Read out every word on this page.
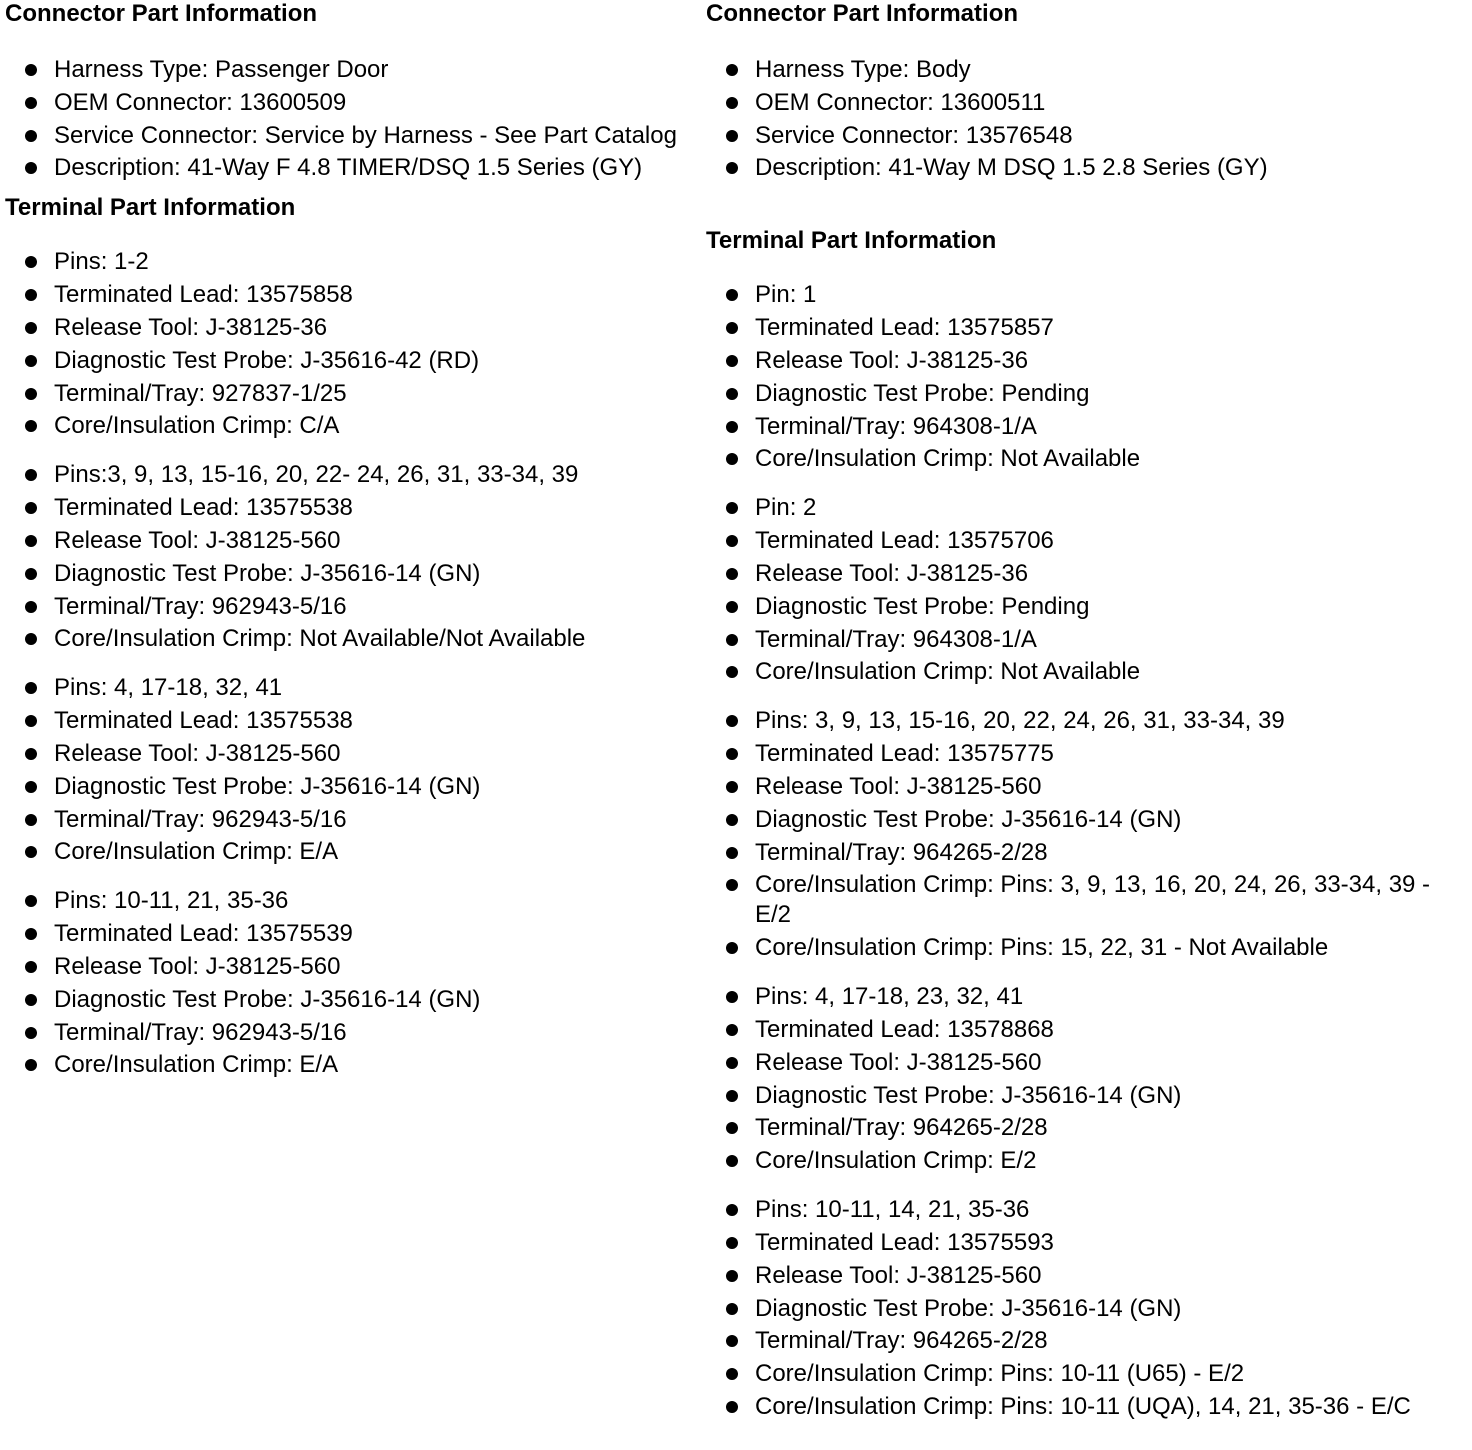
Connector Part Information
Harness Type: Passenger Door
OEM Connector: 13600509
Service Connector: Service by Harness - See Part Catalog
Description: 41-Way F 4.8 TIMER/DSQ 1.5 Series (GY)
Terminal Part Information
Pins: 1-2
Terminated Lead: 13575858
Release Tool: J-38125-36
Diagnostic Test Probe: J-35616-42 (RD)
Terminal/Tray: 927837-1/25
Core/Insulation Crimp: C/A
Pins:3, 9, 13, 15-16, 20, 22- 24, 26, 31, 33-34, 39
Terminated Lead: 13575538
Release Tool: J-38125-560
Diagnostic Test Probe: J-35616-14 (GN)
Terminal/Tray: 962943-5/16
Core/Insulation Crimp: Not Available/Not Available
Pins: 4, 17-18, 32, 41
Terminated Lead: 13575538
Release Tool: J-38125-560
Diagnostic Test Probe: J-35616-14 (GN)
Terminal/Tray: 962943-5/16
Core/Insulation Crimp: E/A
Pins: 10-11, 21, 35-36
Terminated Lead: 13575539
Release Tool: J-38125-560
Diagnostic Test Probe: J-35616-14 (GN)
Terminal/Tray: 962943-5/16
Core/Insulation Crimp: E/A
Connector Part Information
Harness Type: Body
OEM Connector: 13600511
Service Connector: 13576548
Description: 41-Way M DSQ 1.5 2.8 Series (GY)
Terminal Part Information
Pin: 1
Terminated Lead: 13575857
Release Tool: J-38125-36
Diagnostic Test Probe: Pending
Terminal/Tray: 964308-1/A
Core/Insulation Crimp: Not Available
Pin: 2
Terminated Lead: 13575706
Release Tool: J-38125-36
Diagnostic Test Probe: Pending
Terminal/Tray: 964308-1/A
Core/Insulation Crimp: Not Available
Pins: 3, 9, 13, 15-16, 20, 22, 24, 26, 31, 33-34, 39
Terminated Lead: 13575775
Release Tool: J-38125-560
Diagnostic Test Probe: J-35616-14 (GN)
Terminal/Tray: 964265-2/28
Core/Insulation Crimp: Pins: 3, 9, 13, 16, 20, 24, 26, 33-34, 39 - E/2
Core/Insulation Crimp: Pins: 15, 22, 31 - Not Available
Pins: 4, 17-18, 23, 32, 41
Terminated Lead: 13578868
Release Tool: J-38125-560
Diagnostic Test Probe: J-35616-14 (GN)
Terminal/Tray: 964265-2/28
Core/Insulation Crimp: E/2
Pins: 10-11, 14, 21, 35-36
Terminated Lead: 13575593
Release Tool: J-38125-560
Diagnostic Test Probe: J-35616-14 (GN)
Terminal/Tray: 964265-2/28
Core/Insulation Crimp: Pins: 10-11 (U65) - E/2
Core/Insulation Crimp: Pins: 10-11 (UQA), 14, 21, 35-36 - E/C
